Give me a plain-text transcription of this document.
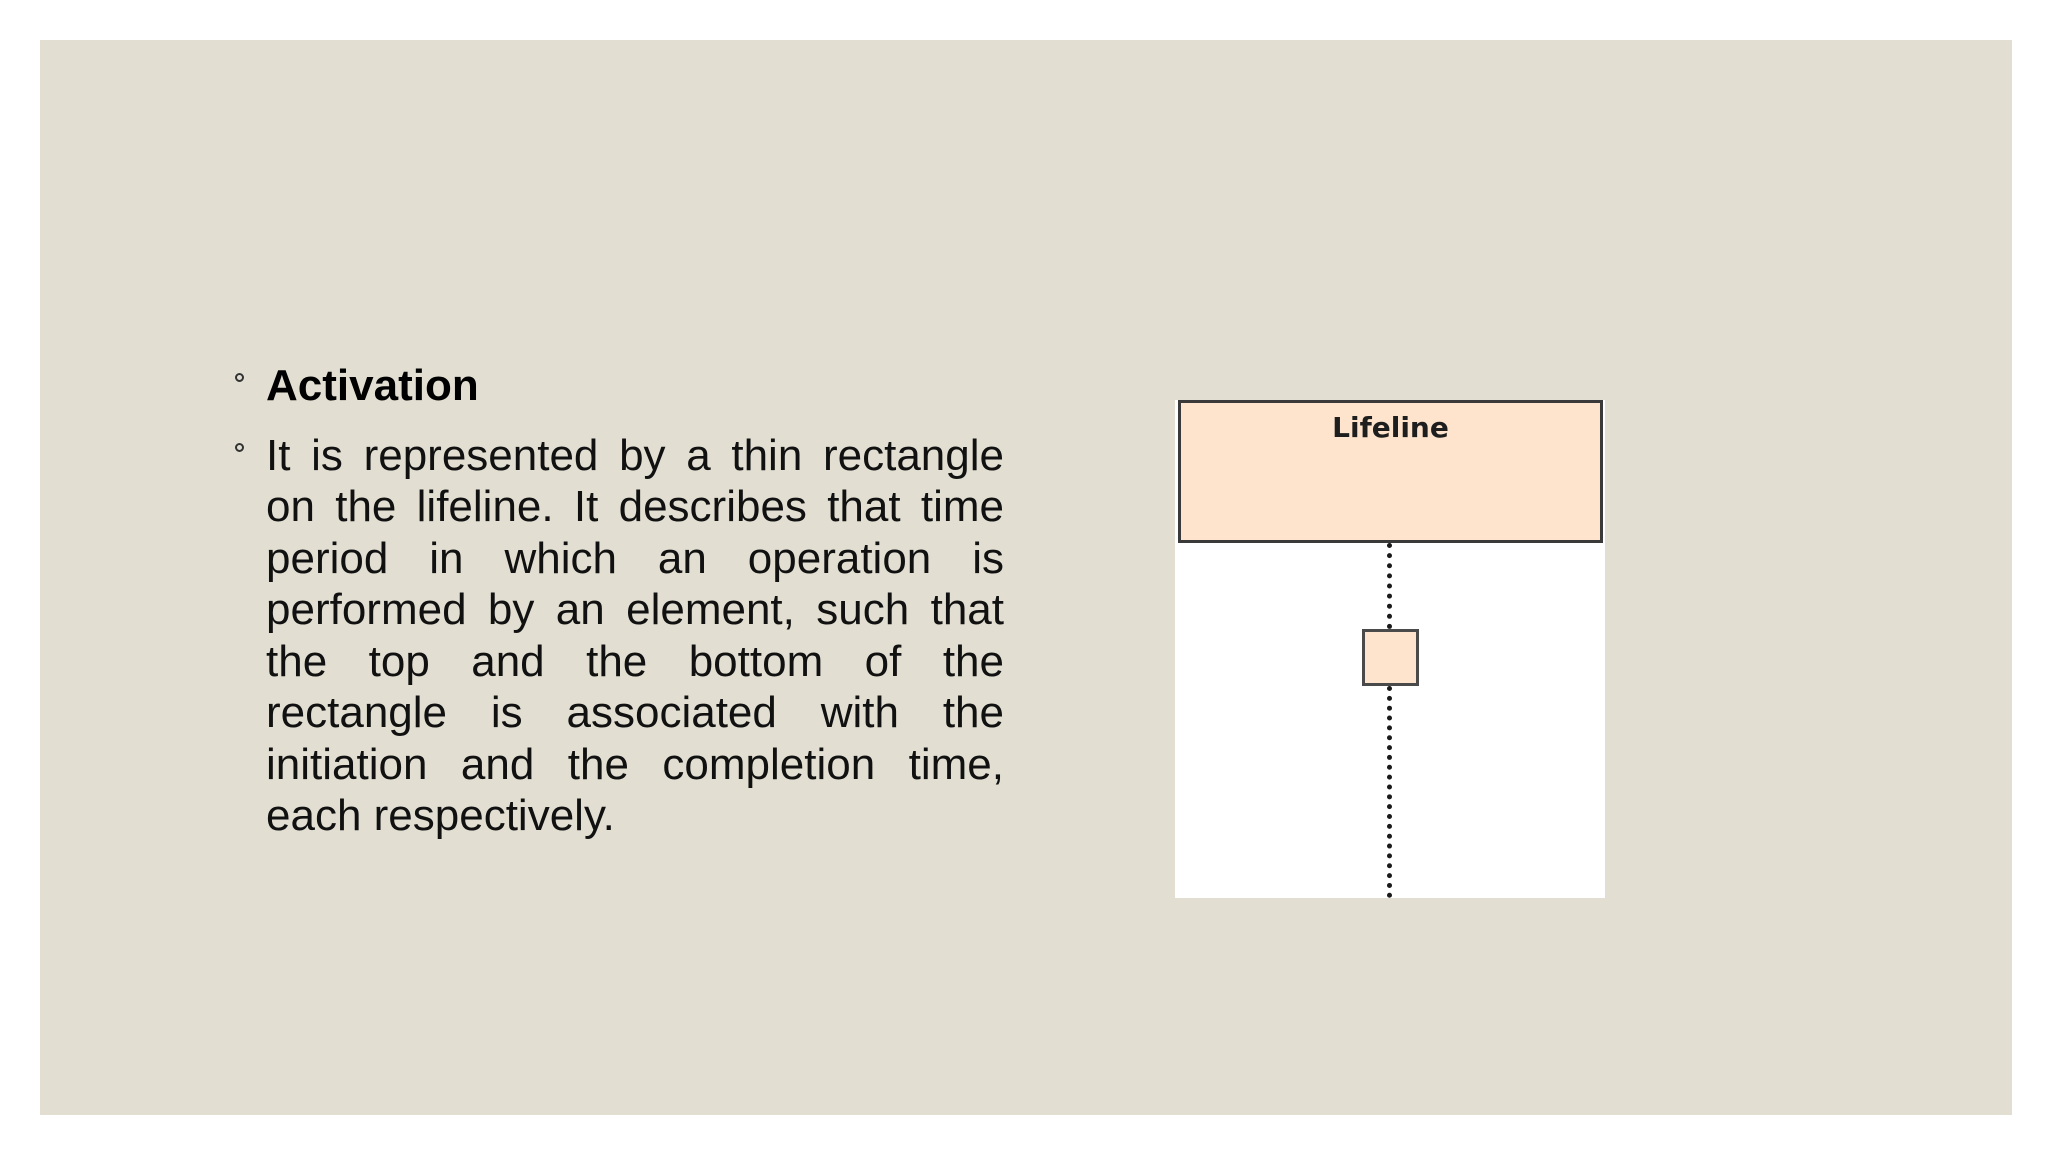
Activation
It is represented by a thin rectangle on the lifeline. It describes that time period in which an operation is performed by an element, such that the top and the bottom of the rectangle is associated with the initiation and the completion time, each respectively.
Lifeline
